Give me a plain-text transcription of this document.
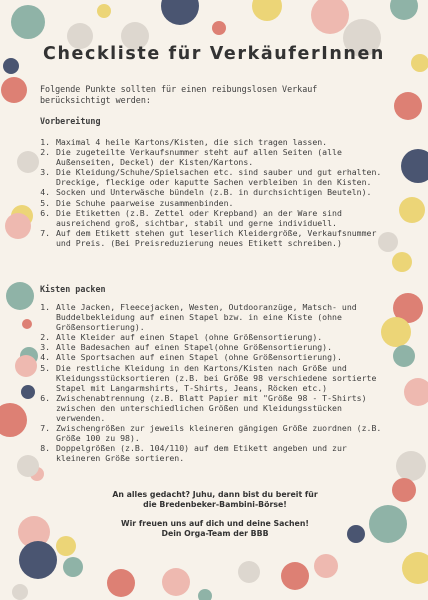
Checkliste für VerkäuferInnen
Folgende Punkte sollten für einen reibungslosen Verkauf berücksichtigt werden:
Vorbereitung
1. Maximal 4 heile Kartons/Kisten, die sich tragen lassen.
2. Die zugeteilte Verkaufsnummer steht auf allen Seiten (alle Außenseiten, Deckel) der Kisten/Kartons.
3. Die Kleidung/Schuhe/Spielsachen etc. sind sauber und gut erhalten. Dreckige, fleckige oder kaputte Sachen verbleiben in den Kisten.
4. Socken und Unterwäsche bündeln (z.B. in durchsichtigen Beuteln).
5. Die Schuhe paarweise zusammenbinden.
6. Die Etiketten (z.B. Zettel oder Krepband) an der Ware sind ausreichend groß, sichtbar, stabil und gerne individuell.
7. Auf dem Etikett stehen gut leserlich Kleidergröße, Verkaufsnummer und Preis. (Bei Preisreduzierung neues Etikett schreiben.)
Kisten packen
1. Alle Jacken, Fleecejacken, Westen, Outdooranzüge, Matsch- und Buddelbekleidung auf einen Stapel bzw. in eine Kiste (ohne Größensortierung).
2. Alle Kleider auf einen Stapel (ohne Größensortierung).
3. Alle Badesachen auf einen Stapel(ohne Größensortierung).
4. Alle Sportsachen auf einen Stapel (ohne Größensortierung).
5. Die restliche Kleidung in den Kartons/Kisten nach Größe und Kleidungsstücksortieren (z.B. bei Größe 98 verschiedene sortierte Stapel mit Langarmshirts, T-Shirts, Jeans, Röcken etc.)
6. Zwischenabtrennung (z.B. Blatt Papier mit "Größe 98 - T-Shirts) zwischen den unterschiedlichen Größen und Kleidungsstücken verwenden.
7. Zwischengrößen zur jeweils kleineren gängigen Größe zuordnen (z.B. Größe 100 zu 98).
8. Doppelgrößen (z.B. 104/110) auf dem Etikett angeben und zur kleineren Größe sortieren.
An alles gedacht? Juhu, dann bist du bereit für
die Bredenbeker-Bambini-Börse!
Wir freuen uns auf dich und deine Sachen!
Dein Orga-Team der BBB
